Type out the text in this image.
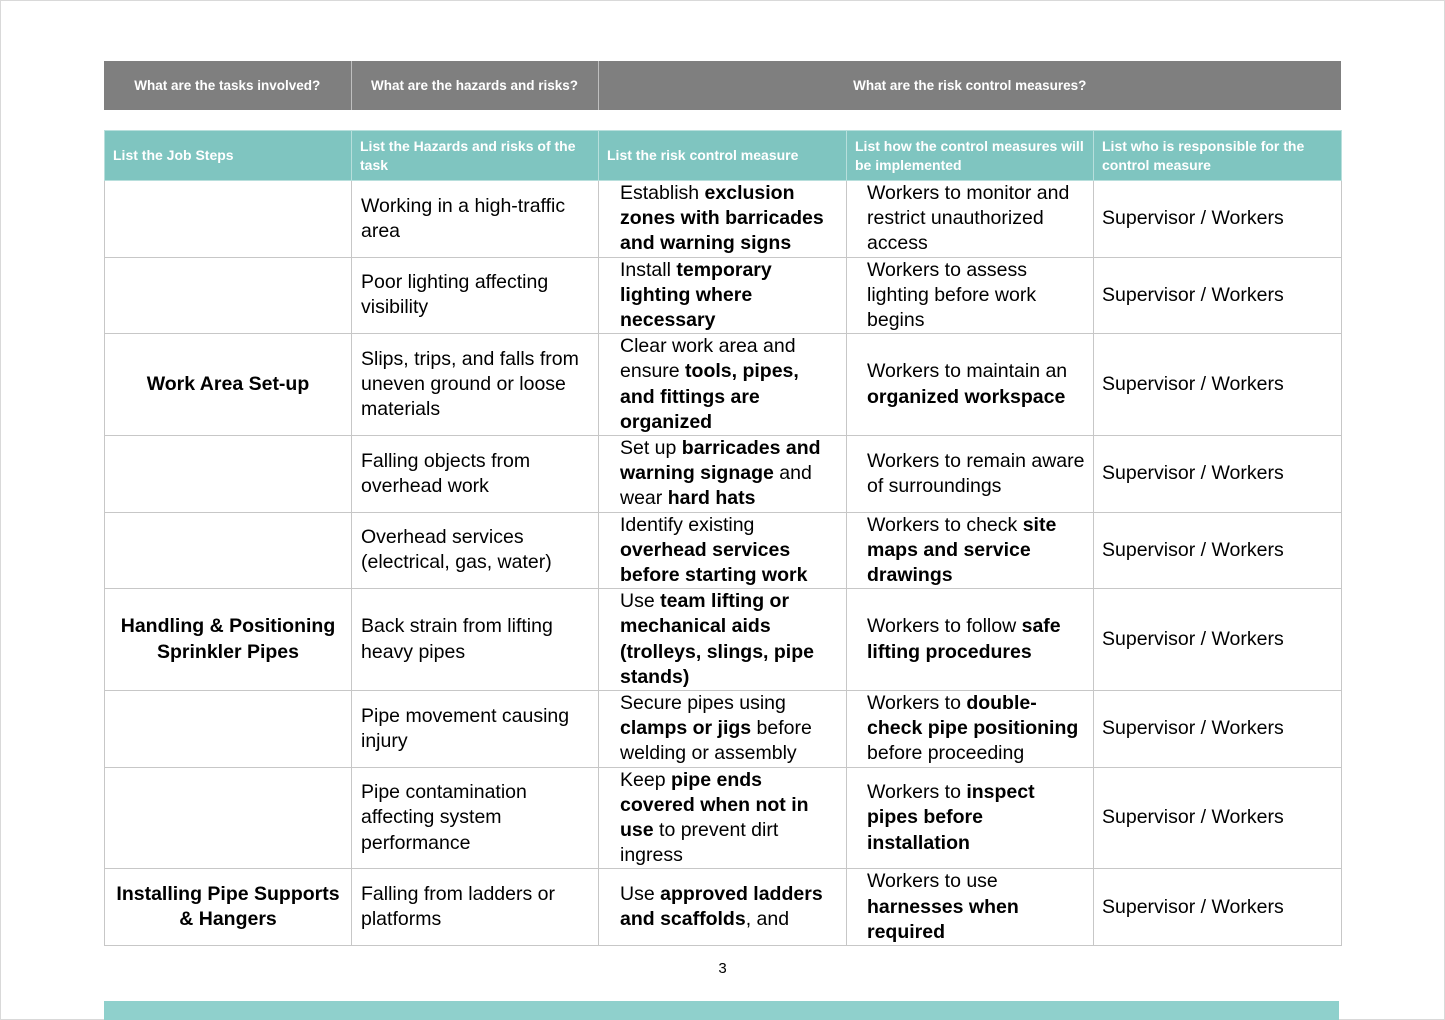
What are the tasks involved?	What are the hazards and risks?	What are the risk control measures?
List the Job Steps	List the Hazards and risks of the task	List the risk control measure	List how the control measures will be implemented	List who is responsible for the control measure
	Working in a high-traffic area	Establish exclusion zones with barricades and warning signs	Workers to monitor and restrict unauthorized access	Supervisor / Workers
	Poor lighting affecting visibility	Install temporary lighting where necessary	Workers to assess lighting before work begins	Supervisor / Workers
Work Area Set-up	Slips, trips, and falls from uneven ground or loose materials	Clear work area and ensure tools, pipes, and fittings are organized	Workers to maintain an organized workspace	Supervisor / Workers
	Falling objects from overhead work	Set up barricades and warning signage and wear hard hats	Workers to remain aware of surroundings	Supervisor / Workers
	Overhead services (electrical, gas, water)	Identify existing overhead services before starting work	Workers to check site maps and service drawings	Supervisor / Workers
Handling & Positioning Sprinkler Pipes	Back strain from lifting heavy pipes	Use team lifting or mechanical aids (trolleys, slings, pipe stands)	Workers to follow safe lifting procedures	Supervisor / Workers
	Pipe movement causing injury	Secure pipes using clamps or jigs before welding or assembly	Workers to double-check pipe positioning before proceeding	Supervisor / Workers
	Pipe contamination affecting system performance	Keep pipe ends covered when not in use to prevent dirt ingress	Workers to inspect pipes before installation	Supervisor / Workers
Installing Pipe Supports & Hangers	Falling from ladders or platforms	Use approved ladders and scaffolds, and	Workers to use harnesses when required	Supervisor / Workers
3
